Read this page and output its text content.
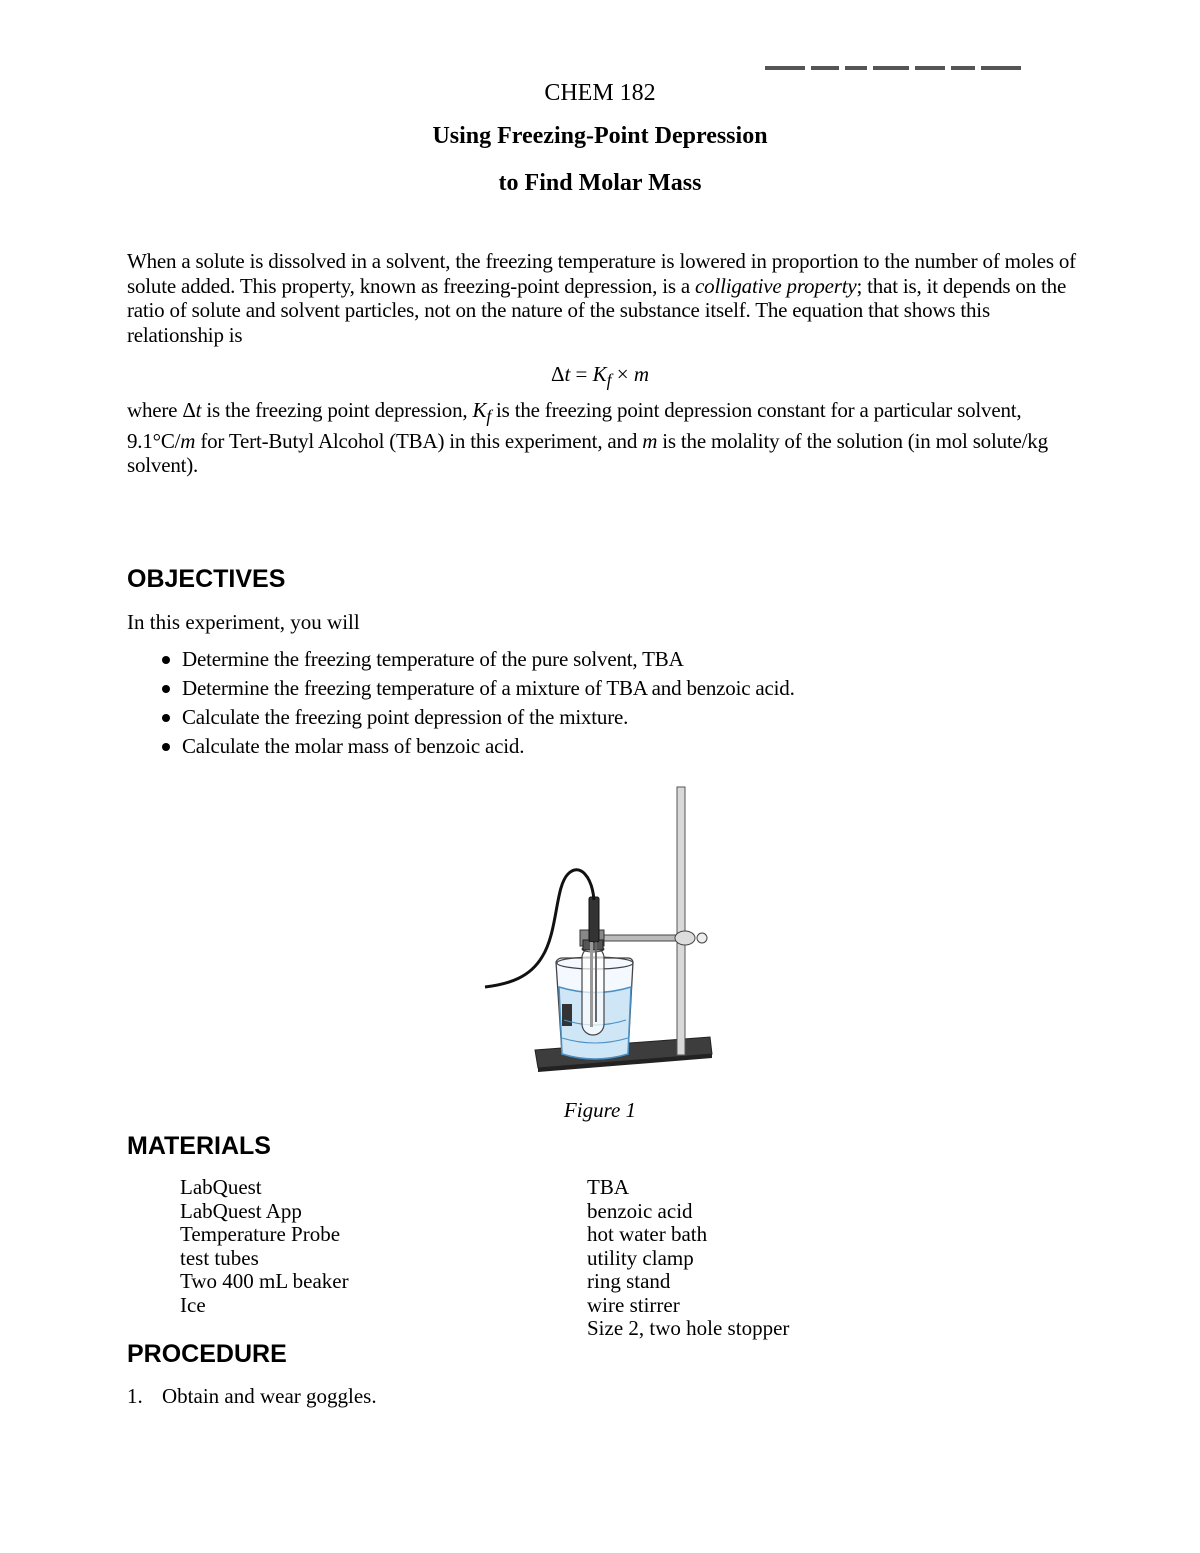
CHEM 182
Using Freezing-Point Depression
to Find Molar Mass
When a solute is dissolved in a solvent, the freezing temperature is lowered in proportion to the number of moles of solute added. This property, known as freezing-point depression, is a colligative property; that is, it depends on the ratio of solute and solvent particles, not on the nature of the substance itself. The equation that shows this relationship is
$\Delta t = K_f \times m$
where Δt is the freezing point depression, $K_f$ is the freezing point depression constant for a particular solvent, 9.1°C/m for Tert-Butyl Alcohol (TBA) in this experiment, and m is the molality of the solution (in mol solute/kg solvent).
OBJECTIVES
In this experiment, you will
Determine the freezing temperature of the pure solvent, TBA
Determine the freezing temperature of a mixture of TBA and benzoic acid.
Calculate the freezing point depression of the mixture.
Calculate the molar mass of benzoic acid.
Figure 1
MATERIALS
LabQuest
LabQuest App
Temperature Probe
test tubes
Two 400 mL beaker
Ice
TBA
benzoic acid
hot water bath
utility clamp
ring stand
wire stirrer
Size 2, two hole stopper
PROCEDURE
1. Obtain and wear goggles.
